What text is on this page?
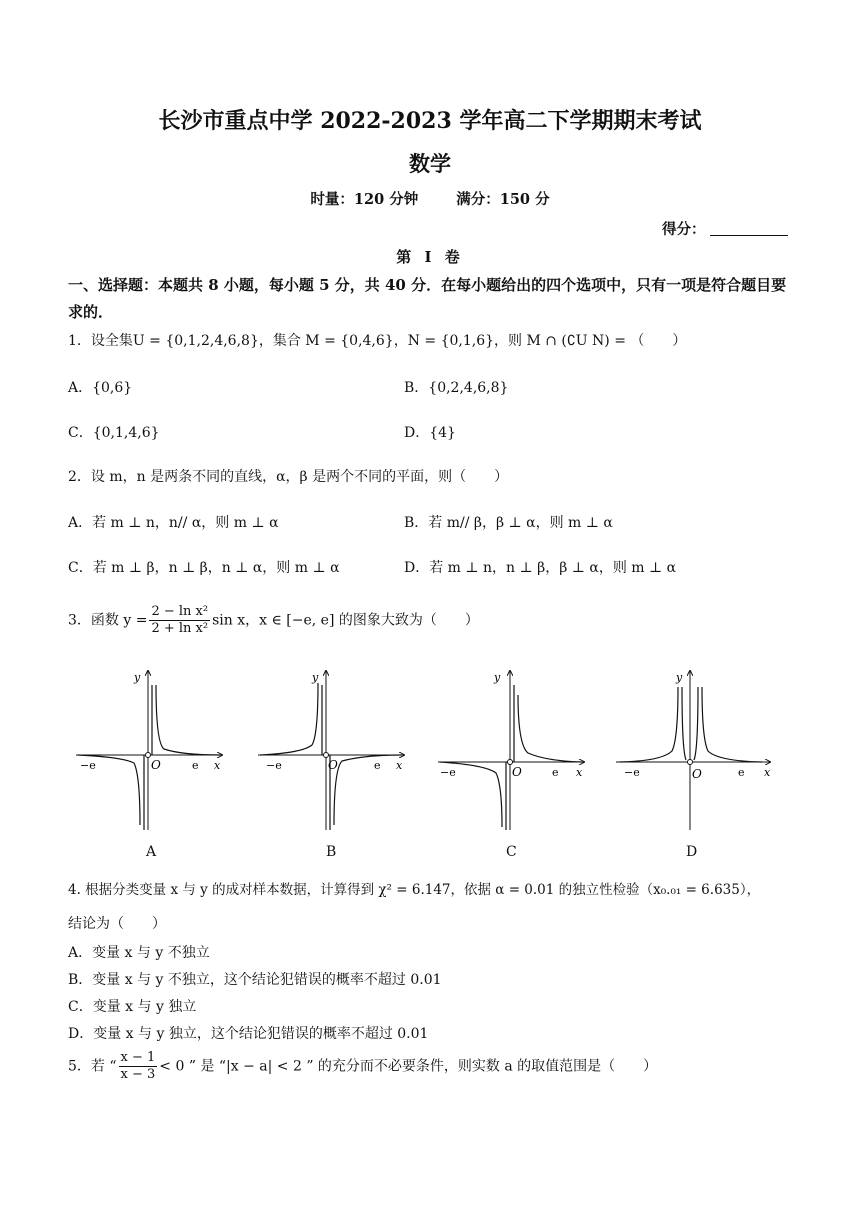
长沙市重点中学 2022-2023 学年高二下学期期末考试
数学
时量：120 分钟	满分：150 分
得分：
第 Ⅰ 卷
一、选择题：本题共 8 小题，每小题 5 分，共 40 分．在每小题给出的四个选项中，只有一项是符合题目要求的．
1．设全集U = {0,1,2,4,6,8}，集合 M = {0,4,6}，N = {0,1,6}，则 M ∩ (∁U N) = （　　）
A．{0,6}	B．{0,2,4,6,8}
C．{0,1,4,6}	D．{4}
2．设 m，n 是两条不同的直线，α，β 是两个不同的平面，则（　　）
A．若 m ⊥ n，n// α，则 m ⊥ α	B．若 m// β，β ⊥ α，则 m ⊥ α
C．若 m ⊥ β，n ⊥ β，n ⊥ α，则 m ⊥ α	D．若 m ⊥ n，n ⊥ β，β ⊥ α，则 m ⊥ α
3．函数 $y = \frac{\text{2 − ln x²}}{\text{2 + ln x²}}$ sin x，x ∈ [−e, e] 的图象大致为（　　）
y
−e	O	e x
A
y
−e	O	e x
B
y
−e	O	e x
C
y
−e	O	e x
D
4. 根据分类变量 x 与 y 的成对样本数据，计算得到 χ² = 6.147，依据 α = 0.01 的独立性检验（x₀.₀₁ = 6.635），
结论为（　　）
A．变量 x 与 y 不独立
B．变量 x 与 y 不独立，这个结论犯错误的概率不超过 0.01
C．变量 x 与 y 独立
D．变量 x 与 y 独立，这个结论犯错误的概率不超过 0.01
5．若 “ $\frac{x - 1}{x - 3} < 0$ ” 是 “|x − a| < 2 ” 的充分而不必要条件，则实数 a 的取值范围是（　　）
